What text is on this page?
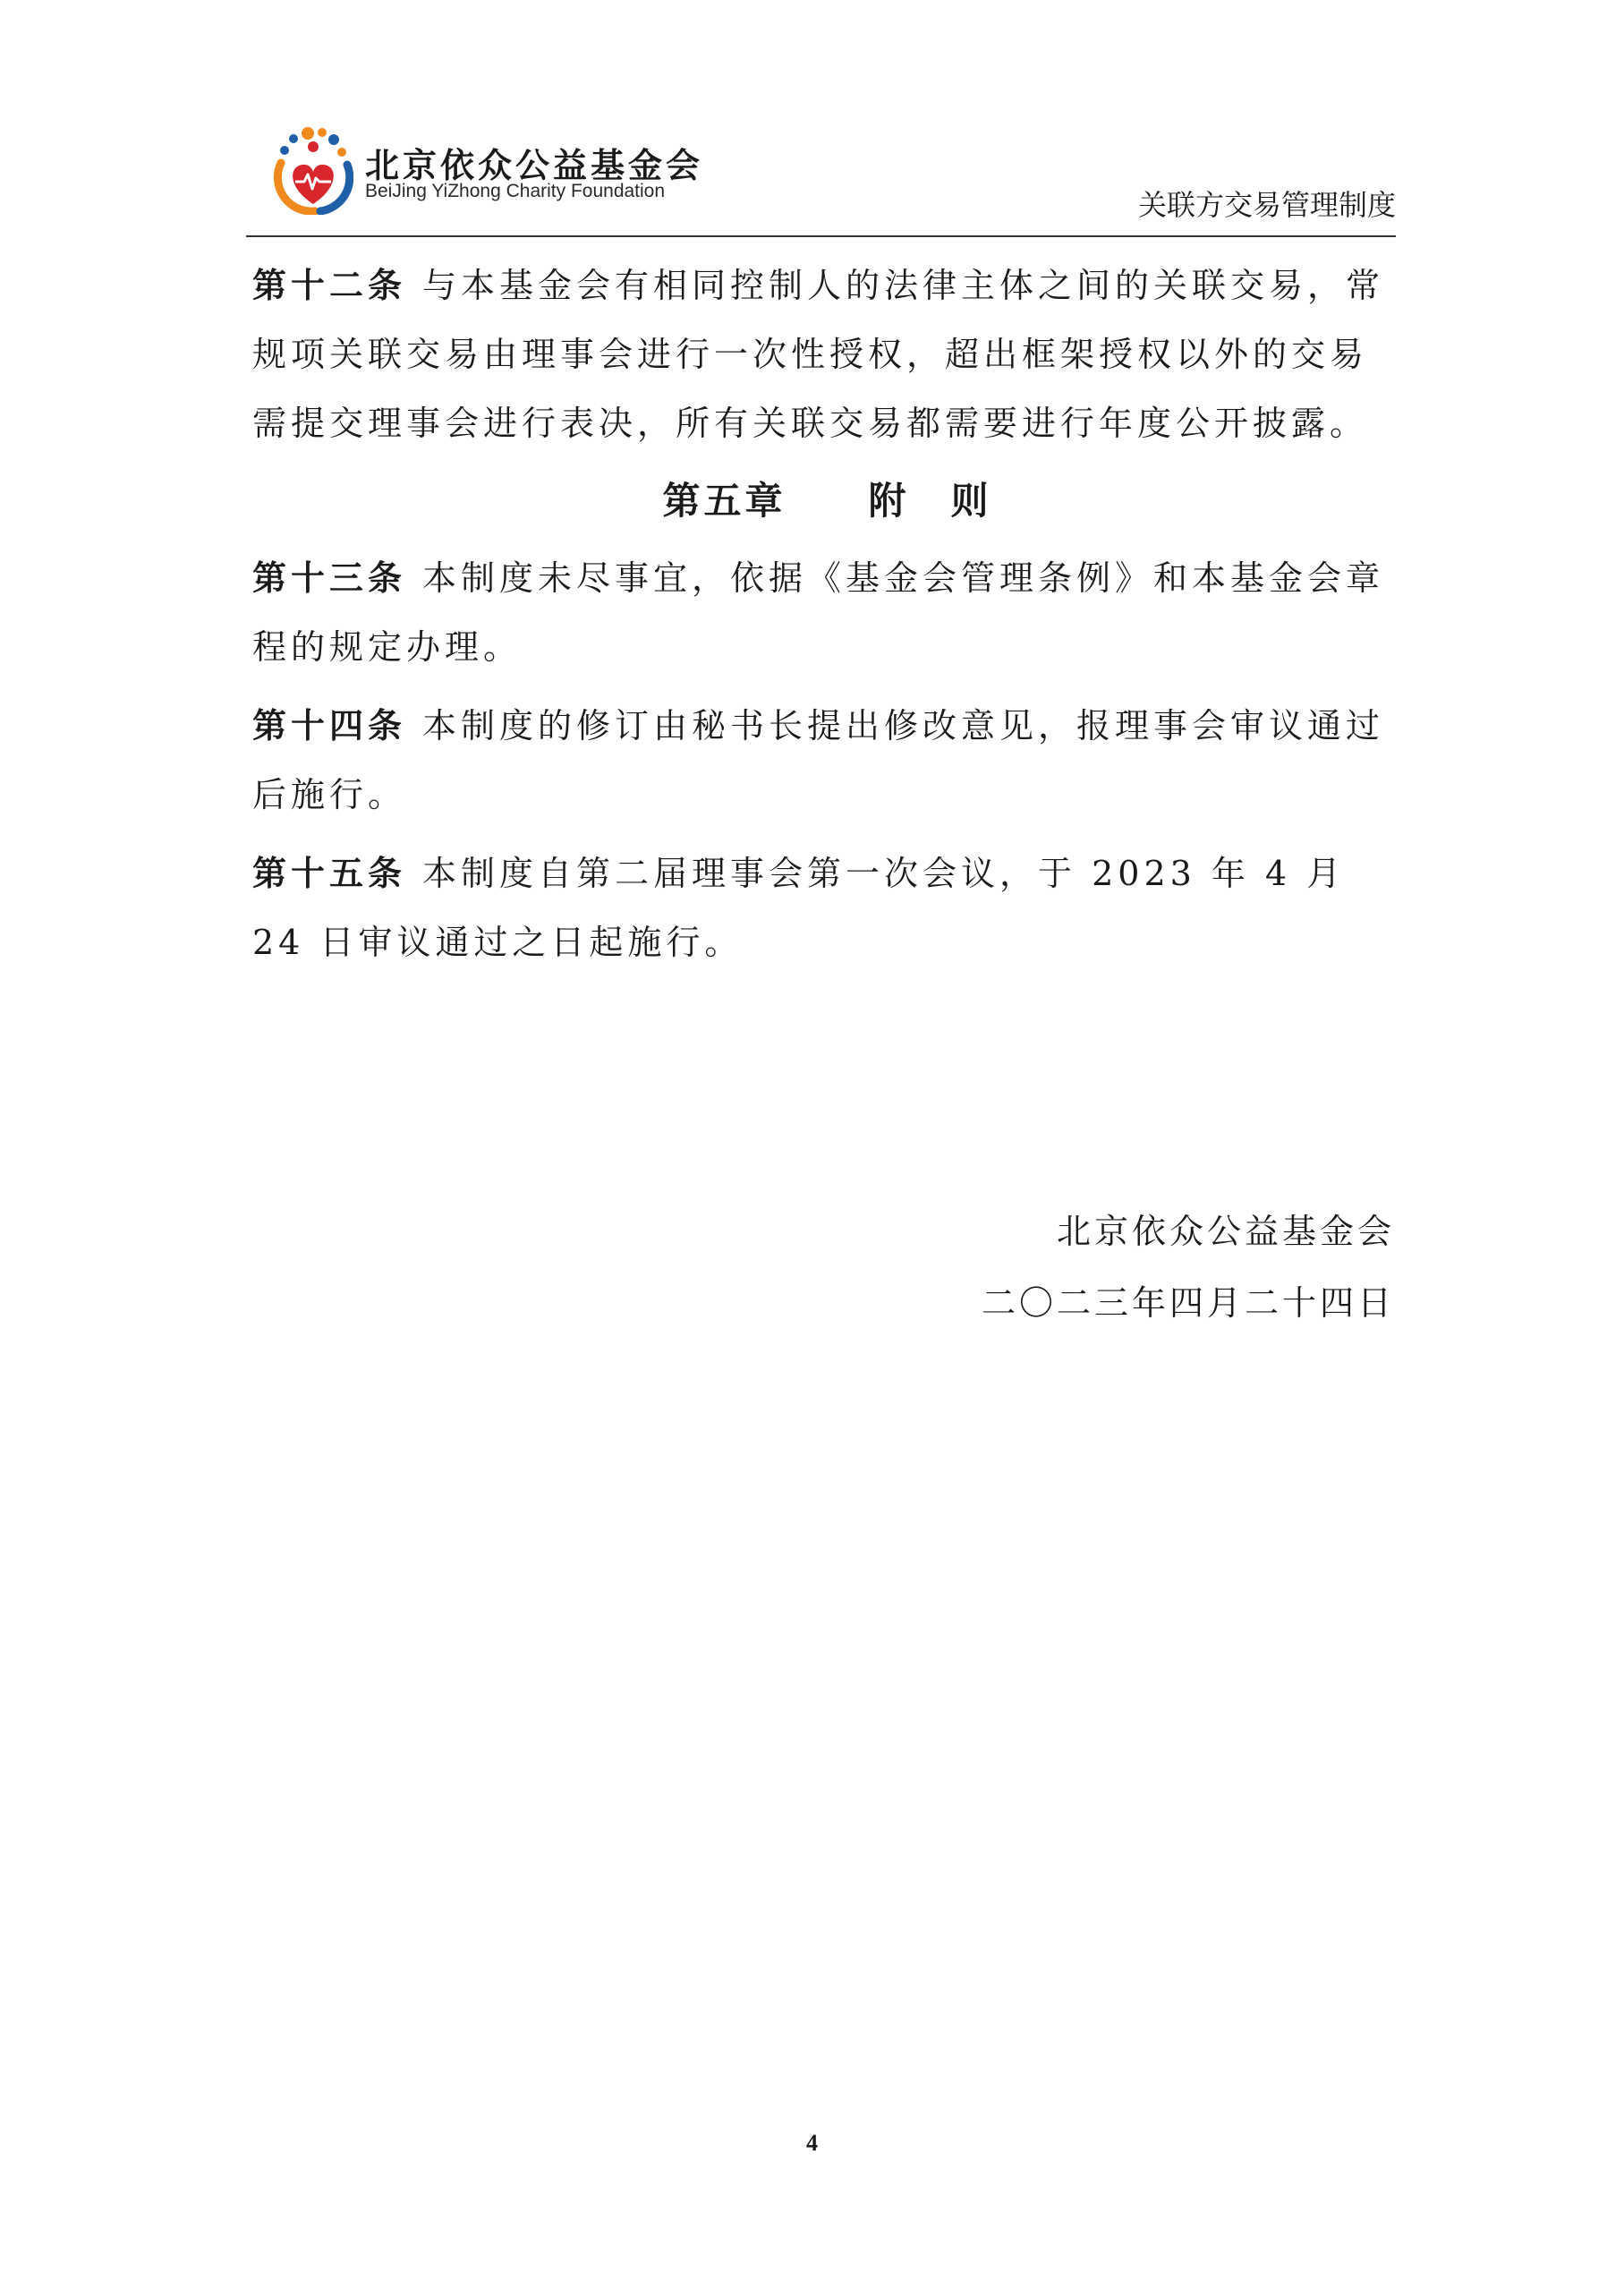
北京依众公益基金会
BeiJing YiZhong Charity Foundation	关联方交易管理制度

第十二条 与本基金会有相同控制人的法律主体之间的关联交易，常规项关联交易由理事会进行一次性授权，超出框架授权以外的交易需提交理事会进行表决，所有关联交易都需要进行年度公开披露。

第五章　　附　则

第十三条 本制度未尽事宜，依据《基金会管理条例》和本基金会章程的规定办理。

第十四条 本制度的修订由秘书长提出修改意见，报理事会审议通过后施行。

第十五条 本制度自第二届理事会第一次会议，于 2023 年 4 月 24 日审议通过之日起施行。

北京依众公益基金会
二〇二三年四月二十四日
4
